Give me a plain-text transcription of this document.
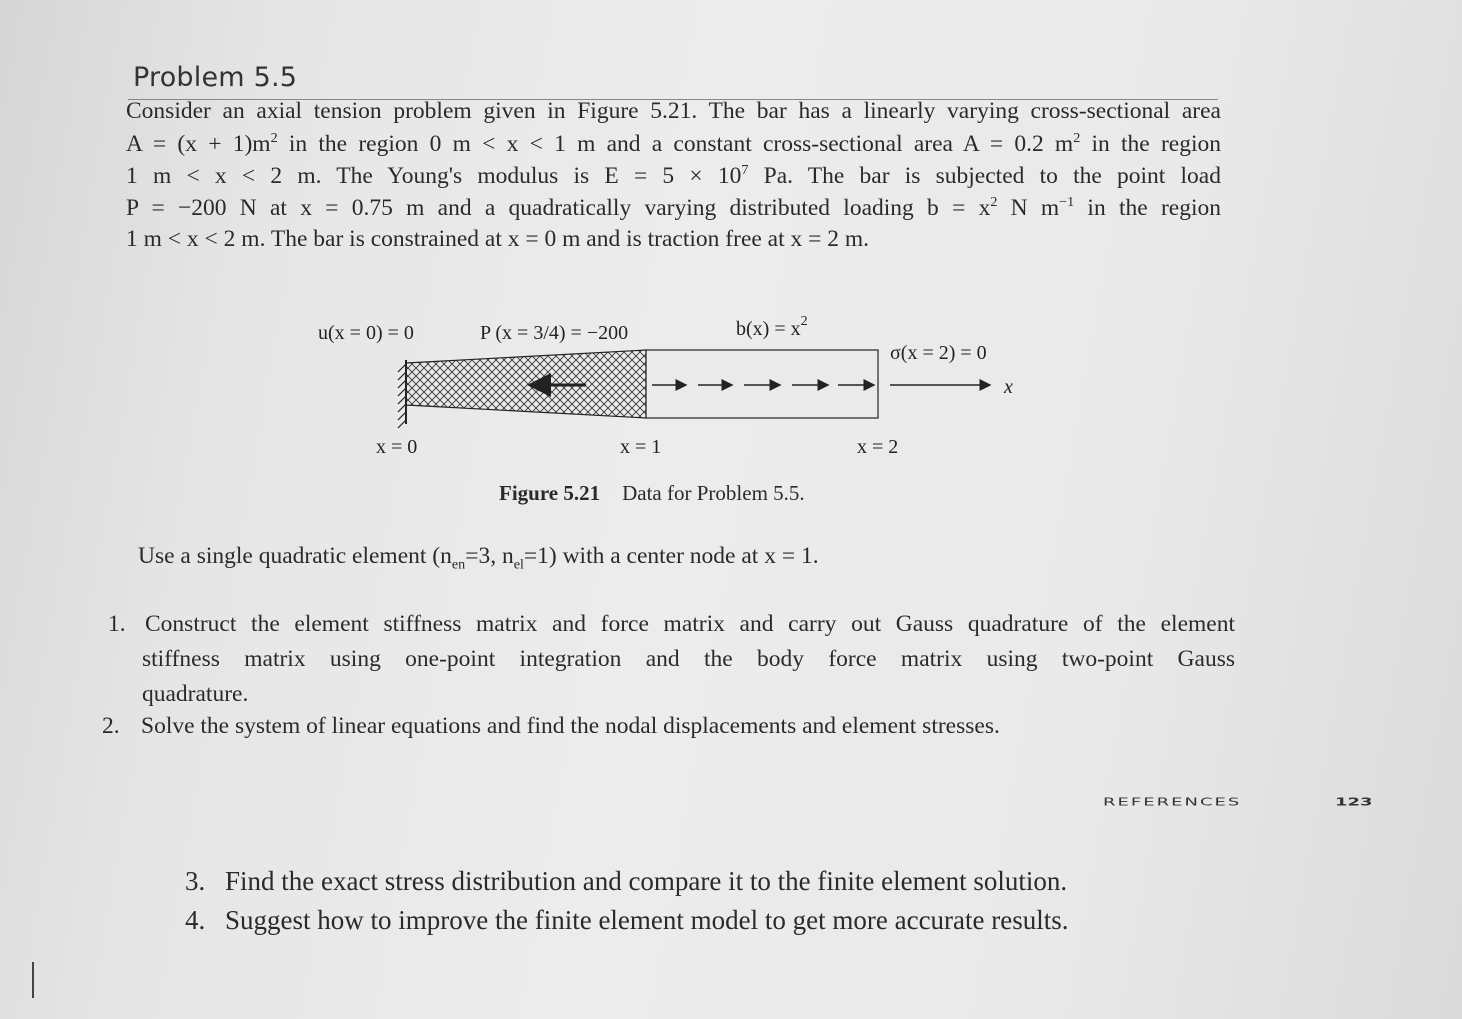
Problem 5.5
Consider an axial tension problem given in Figure 5.21. The bar has a linearly varying cross-sectional area
$A = (x + 1)m^2$ in the region 0 m < x < 1 m and a constant cross-sectional area A = 0.2 $m^2$ in the region
1 m < x < 2 m. The Young's modulus is $E = 5 \times 10^7$ Pa. The bar is subjected to the point load
P = −200 N at x = 0.75 m and a quadratically varying distributed loading $b = x^2$ N $m^{-1}$ in the region
1 m < x < 2 m. The bar is constrained at x = 0 m and is traction free at x = 2 m.
u(x = 0) = 0	P (x = 3/4) = −200	$b(x) = x^2$
σ(x = 2) = 0
x
x = 0	x = 1	x = 2
Figure 5.21 Data for Problem 5.5.
Use a single quadratic element ($n_{en}=3$, $n_{el}=1$) with a center node at x = 1.
1. Construct the element stiffness matrix and force matrix and carry out Gauss quadrature of the element
stiffness matrix using one-point integration and the body force matrix using two-point Gauss
quadrature.
2. Solve the system of linear equations and find the nodal displacements and element stresses.
REFERENCES	123
3. Find the exact stress distribution and compare it to the finite element solution.
4. Suggest how to improve the finite element model to get more accurate results.
